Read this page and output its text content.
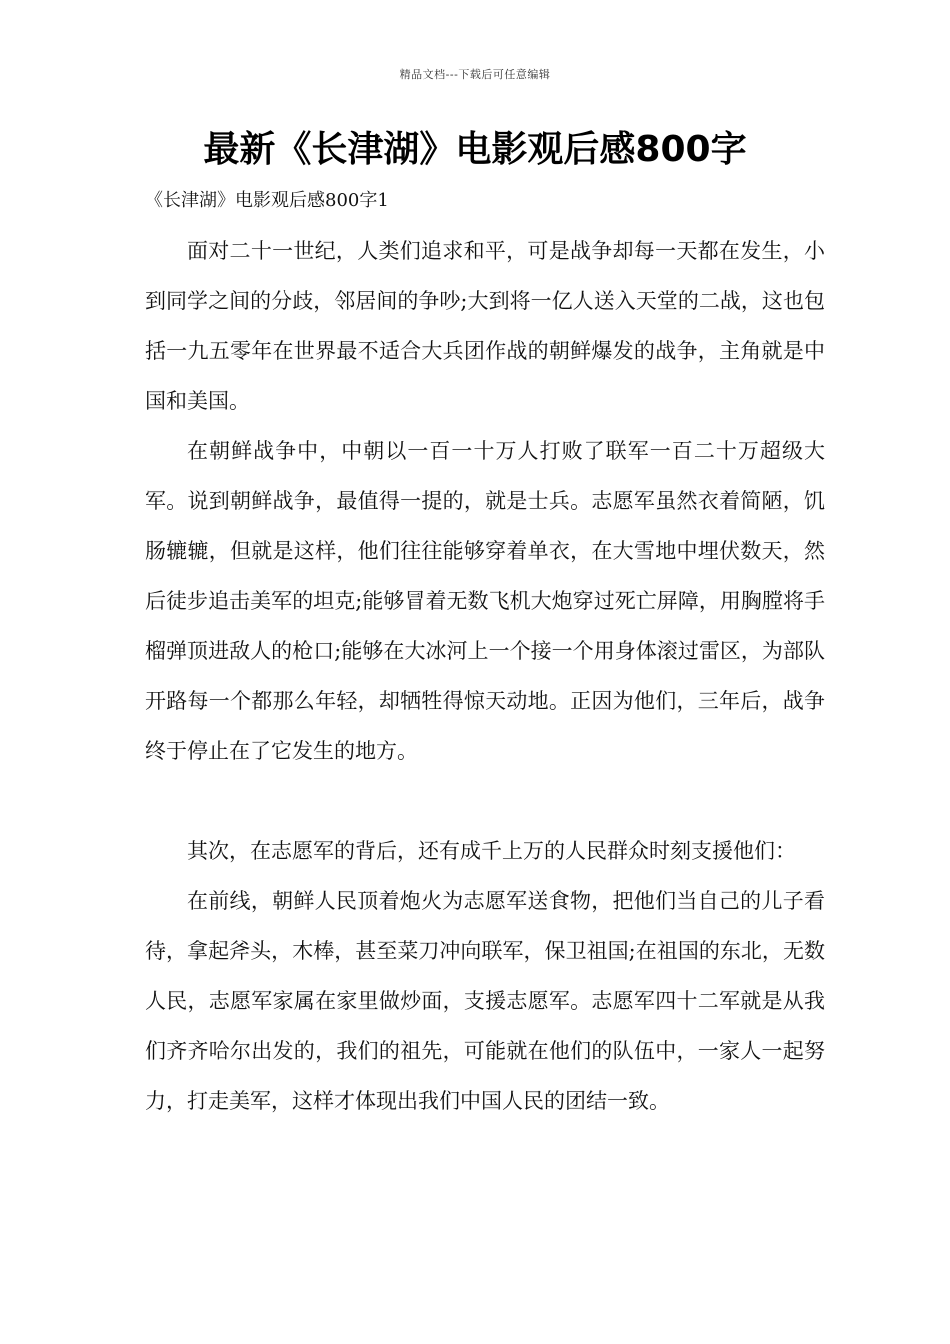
精品文档---下载后可任意编辑
最新《长津湖》电影观后感800字
《长津湖》电影观后感800字1

面对二十一世纪，人类们追求和平，可是战争却每一天都在发生，小到同学之间的分歧，邻居间的争吵;大到将一亿人送入天堂的二战，这也包括一九五零年在世界最不适合大兵团作战的朝鲜爆发的战争，主角就是中国和美国。

在朝鲜战争中，中朝以一百一十万人打败了联军一百二十万超级大军。说到朝鲜战争，最值得一提的，就是士兵。志愿军虽然衣着简陋，饥肠辘辘，但就是这样，他们往往能够穿着单衣，在大雪地中埋伏数天，然后徒步追击美军的坦克;能够冒着无数飞机大炮穿过死亡屏障，用胸膛将手榴弹顶进敌人的枪口;能够在大冰河上一个接一个用身体滚过雷区，为部队开路每一个都那么年轻，却牺牲得惊天动地。正因为他们，三年后，战争终于停止在了它发生的地方。

其次，在志愿军的背后，还有成千上万的人民群众时刻支援他们：

在前线，朝鲜人民顶着炮火为志愿军送食物，把他们当自己的儿子看待，拿起斧头，木棒，甚至菜刀冲向联军，保卫祖国;在祖国的东北，无数人民，志愿军家属在家里做炒面，支援志愿军。志愿军四十二军就是从我们齐齐哈尔出发的，我们的祖先，可能就在他们的队伍中，一家人一起努力，打走美军，这样才体现出我们中国人民的团结一致。
